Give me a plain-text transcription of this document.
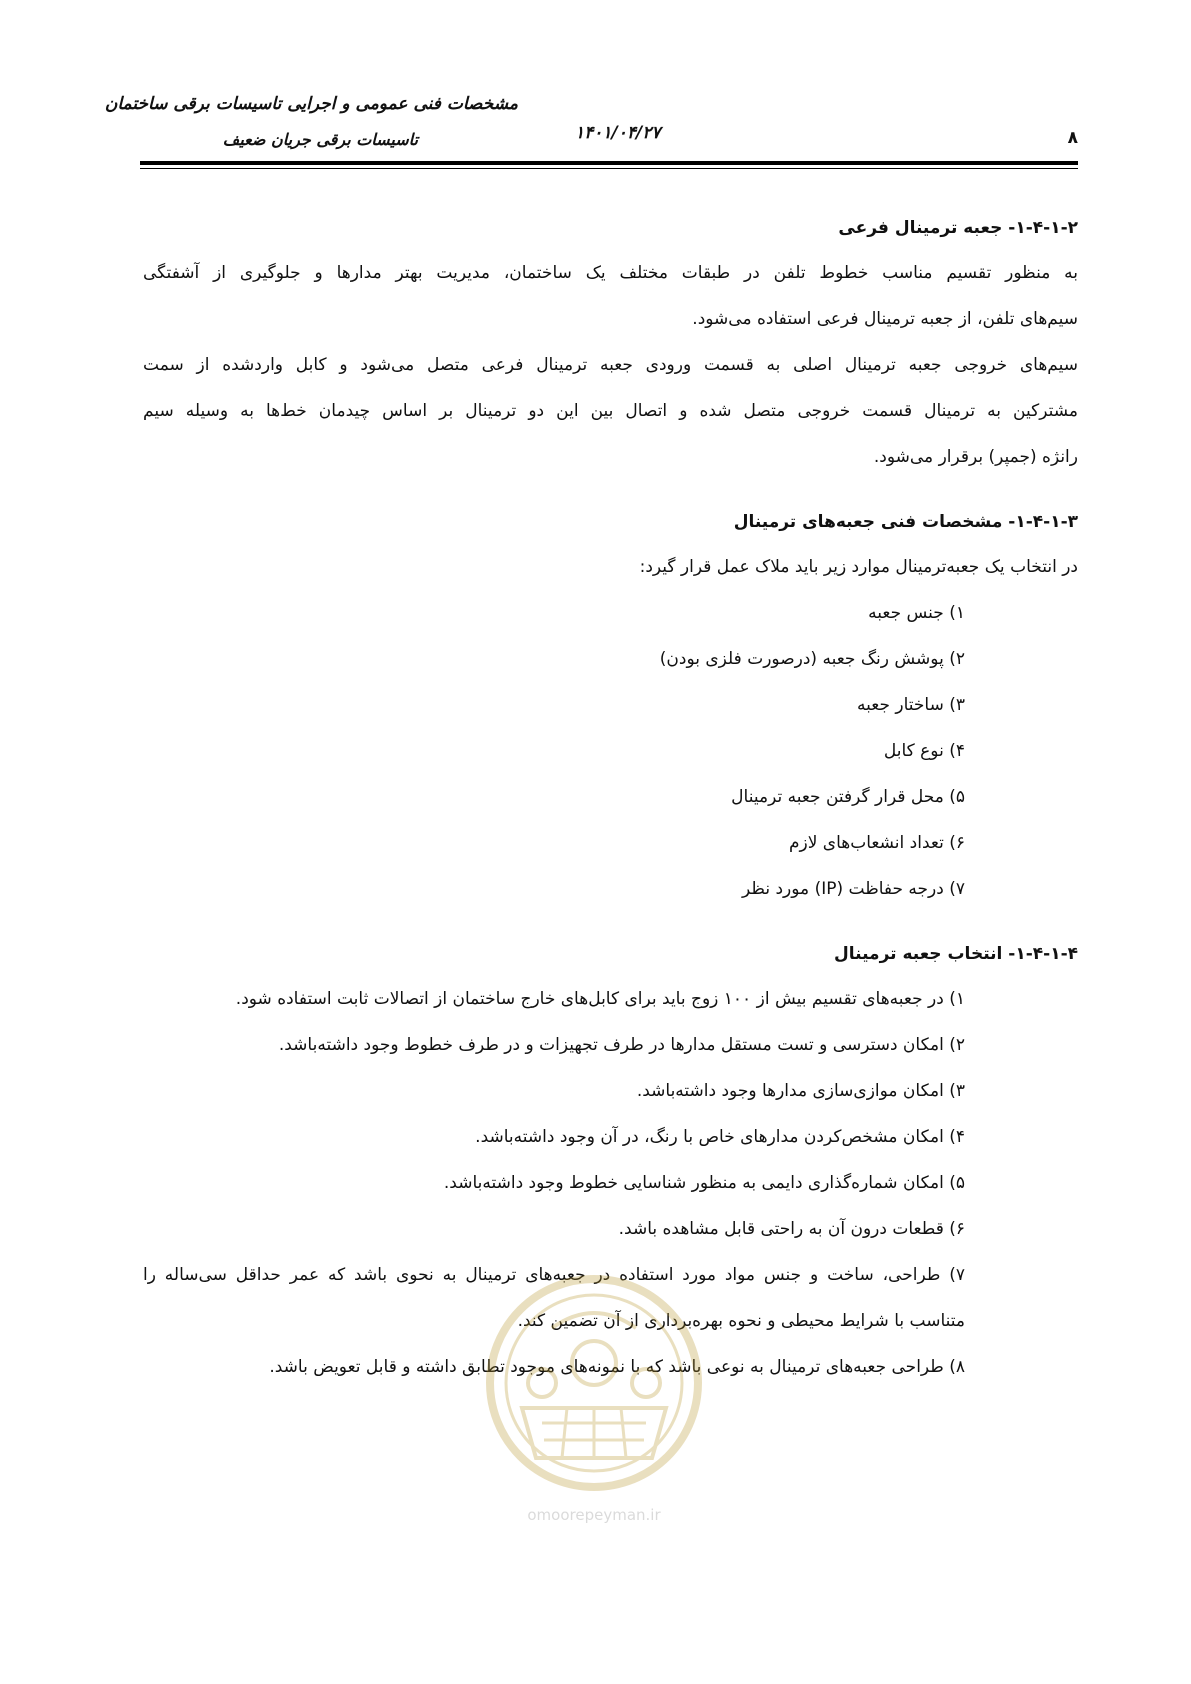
مشخصات فنی عمومی و اجرایی تاسیسات برقی ساختمان
تاسیسات برقی جریان ضعیف	۱۴۰۱/۰۴/۲۷	۸
۱-۴-۱-۲- جعبه ترمینال فرعی

به منظور تقسیم مناسب خطوط تلفن در طبقات مختلف یک ساختمان، مدیریت بهتر مدارها و جلوگیری از آشفتگی

سیم‌های تلفن، از جعبه ترمینال فرعی استفاده می‌شود.

سیم‌های خروجی جعبه ترمینال اصلی به قسمت ورودی جعبه ترمینال فرعی متصل می‌شود و کابل واردشده از سمت

مشترکین به ترمینال قسمت خروجی متصل شده و اتصال بین این دو ترمینال بر اساس چیدمان خط‌ها به وسیله سیم

رانژه (جمپر) برقرار می‌شود.

۱-۴-۱-۳- مشخصات فنی جعبه‌های ترمینال

در انتخاب یک جعبه‌ترمینال موارد زیر باید ملاک عمل قرار گیرد:

۱) جنس جعبه
۲) پوشش رنگ جعبه (درصورت فلزی بودن)
۳) ساختار جعبه
۴) نوع کابل
۵) محل قرار گرفتن جعبه ترمینال
۶) تعداد انشعاب‌های لازم
۷) درجه حفاظت (IP) مورد نظر
۱-۴-۱-۴- انتخاب جعبه ترمینال
۱) در جعبه‌های تقسیم بیش از ۱۰۰ زوج باید برای کابل‌های خارج ساختمان از اتصالات ثابت استفاده شود.
۲) امکان دسترسی و تست مستقل مدارها در طرف تجهیزات و در طرف خطوط وجود داشته‌باشد.
۳) امکان موازی‌سازی مدارها وجود داشته‌باشد.
۴) امکان مشخص‌کردن مدارهای خاص با رنگ، در آن وجود داشته‌باشد.
۵) امکان شماره‌گذاری دایمی به منظور شناسایی خطوط وجود داشته‌باشد.
۶) قطعات درون آن به راحتی قابل مشاهده باشد.

۷) طراحی، ساخت و جنس مواد مورد استفاده در جعبه‌های ترمینال به نحوی باشد که عمر حداقل سی‌ساله را

متناسب با شرایط محیطی و نحوه بهره‌برداری از آن تضمین کند.

۸) طراحی جعبه‌های ترمینال به نوعی باشد که با نمونه‌های موجود تطابق داشته و قابل تعویض باشد.

omoorepeyman.ir
